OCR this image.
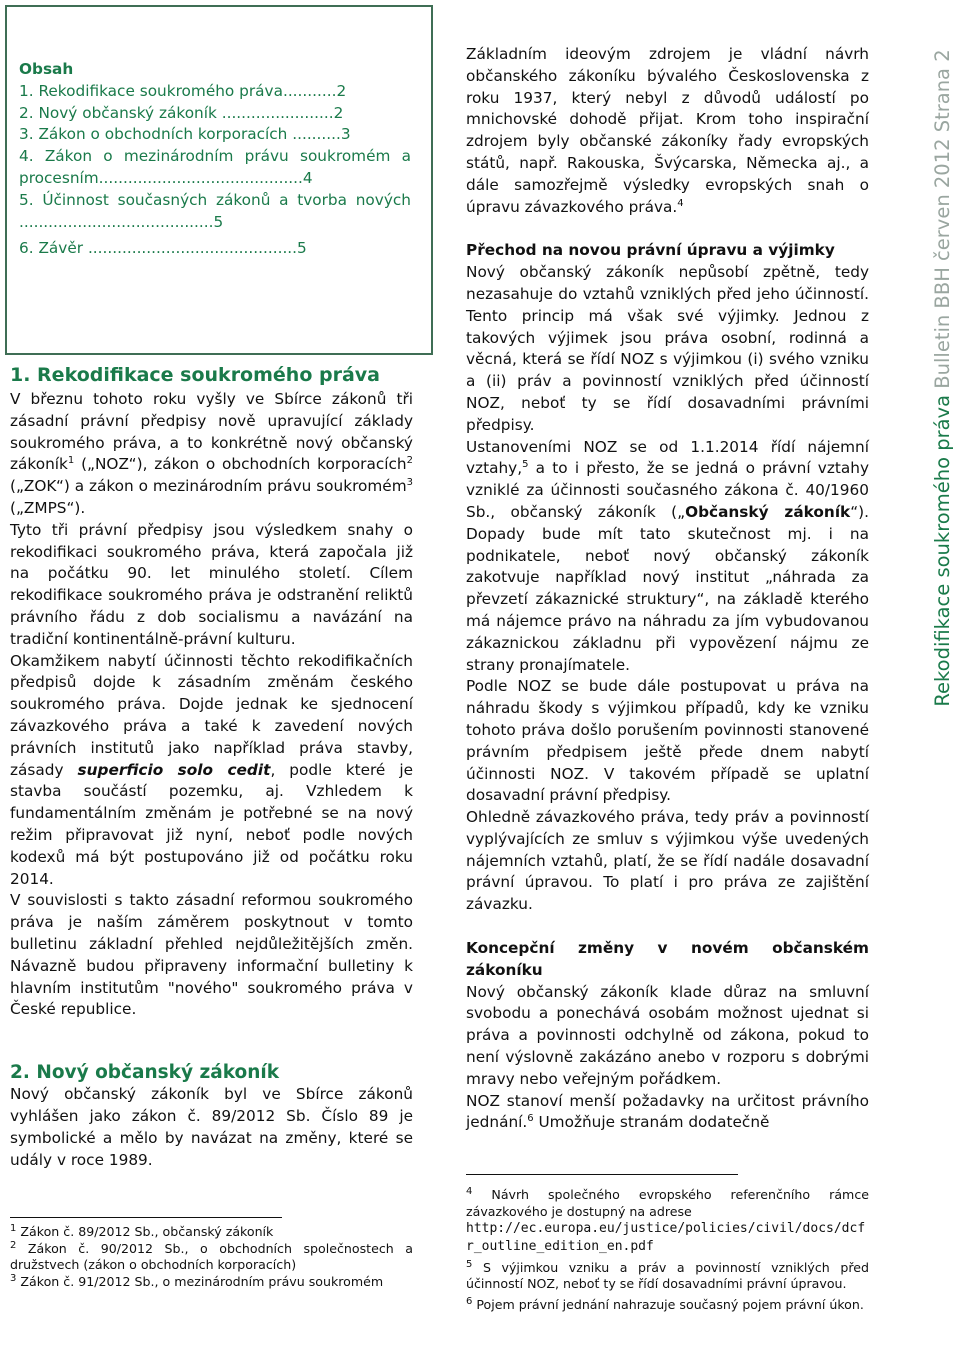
Obsah
1. Rekodifikace soukromého práva...........2
2. Nový občanský zákoník .......................2
3. Zákon o obchodních korporacích ..........3
4. Zákon o mezinárodním právu soukromém a procesním..........................................4
5. Účinnost současných zákonů a tvorba nových ........................................5
6. Závěr ...........................................5
1. Rekodifikace soukromého práva

V březnu tohoto roku vyšly ve Sbírce zákonů tři zásadní právní předpisy nově upravující základy soukromého práva, a to konkrétně nový občanský zákoník$^1$ („NOZ“), zákon o obchodních korporacích$^2$ („ZOK“) a zákon o mezinárodním právu soukromém$^3$ („ZMPS“).

Tyto tři právní předpisy jsou výsledkem snahy o rekodifikaci soukromého práva, která započala již na počátku 90. let minulého století. Cílem rekodifikace soukromého práva je odstranění reliktů právního řádu z dob socialismu a navázání na tradiční kontinentálně-právní kulturu.

Okamžikem nabytí účinnosti těchto rekodifikačních předpisů dojde k zásadním změnám českého soukromého práva. Dojde jednak ke sjednocení závazkového práva a také k zavedení nových právních institutů jako například práva stavby, zásady superficio solo cedit, podle které je stavba součástí pozemku, aj. Vzhledem k fundamentálním změnám je potřebné se na nový režim připravovat již nyní, neboť podle nových kodexů má být postupováno již od počátku roku 2014.

V souvislosti s takto zásadní reformou soukromého práva je naším záměrem poskytnout v tomto bulletinu základní přehled nejdůležitějších změn. Návazně budou připraveny informační bulletiny k hlavním institutům "nového" soukromého práva v České republice.

2. Nový občanský zákoník

Nový občanský zákoník byl ve Sbírce zákonů vyhlášen jako zákon č. 89/2012 Sb. Číslo 89 je symbolické a mělo by navázat na změny, které se udály v roce 1989.

$^1$ Zákon č. 89/2012 Sb., občanský zákoník
$^2$ Zákon č. 90/2012 Sb., o obchodních společnostech a družstvech (zákon o obchodních korporacích)
$^3$ Zákon č. 91/2012 Sb., o mezinárodním právu soukromém

Základním ideovým zdrojem je vládní návrh občanského zákoníku bývalého Československa z roku 1937, který nebyl z důvodů událostí po mnichovské dohodě přijat. Krom toho inspirační zdrojem byly občanské zákoníky řady evropských států, např. Rakouska, Švýcarska, Německa aj., a dále samozřejmě výsledky evropských snah o úpravu závazkového práva.$^4$

Přechod na novou právní úpravu a výjimky

Nový občanský zákoník nepůsobí zpětně, tedy nezasahuje do vztahů vzniklých před jeho účinností. Tento princip má však své výjimky. Jednou z takových výjimek jsou práva osobní, rodinná a věcná, která se řídí NOZ s výjimkou (i) svého vzniku a (ii) práv a povinností vzniklých před účinností NOZ, neboť ty se řídí dosavadními právními předpisy.

Ustanoveními NOZ se od 1.1.2014 řídí nájemní vztahy,$^5$ a to i přesto, že se jedná o právní vztahy vzniklé za účinnosti současného zákona č. 40/1960 Sb., občanský zákoník („Občanský zákoník“). Dopady bude mít tato skutečnost mj. i na podnikatele, neboť nový občanský zákoník zakotvuje například nový institut „náhrada za převzetí zákaznické struktury“, na základě kterého má nájemce právo na náhradu za jím vybudovanou zákaznickou základnu při vypovězení nájmu ze strany pronajímatele.

Podle NOZ se bude dále postupovat u práva na náhradu škody s výjimkou případů, kdy ke vzniku tohoto práva došlo porušením povinnosti stanovené právním předpisem ještě přede dnem nabytí účinnosti NOZ. V takovém případě se uplatní dosavadní právní předpisy.

Ohledně závazkového práva, tedy práv a povinností vyplývajících ze smluv s výjimkou výše uvedených nájemních vztahů, platí, že se řídí nadále dosavadní právní úpravou. To platí i pro práva ze zajištění závazku.

Koncepční změny v novém občanském zákoníku

Nový občanský zákoník klade důraz na smluvní svobodu a ponechává osobám možnost ujednat si práva a povinnosti odchylně od zákona, pokud to není výslovně zakázáno anebo v rozporu s dobrými mravy nebo veřejným pořádkem.

NOZ stanoví menší požadavky na určitost právního jednání.$^6$ Umožňuje stranám dodatečně

$^4$ Návrh společného evropského referenčního rámce závazkového je dostupný na adrese
http://ec.europa.eu/justice/policies/civil/docs/dcfr_outline_edition_en.pdf
$^5$ S výjimkou vzniku a práv a povinností vzniklých před účinností NOZ, neboť ty se řídí dosavadními právní úpravou.
$^6$ Pojem právní jednání nahrazuje současný pojem právní úkon.
Rekodifikace soukromého práva Bulletin BBH červen 2012 Strana 2
